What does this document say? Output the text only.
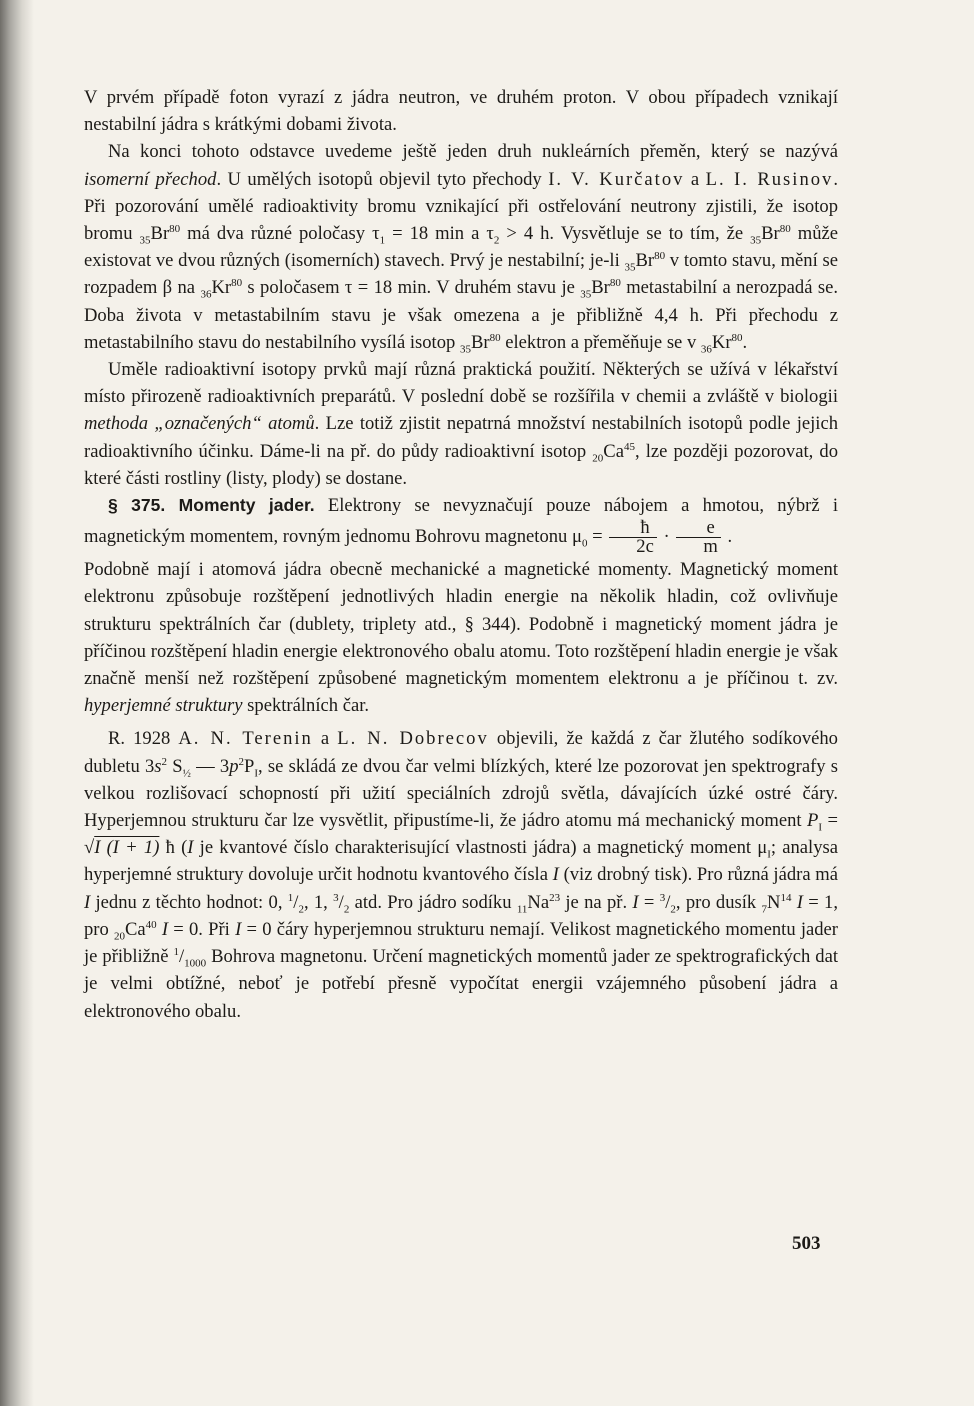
V prvém případě foton vyrazí z jádra neutron, ve druhém proton. V obou případech vznikají nestabilní jádra s krátkými dobami života.

Na konci tohoto odstavce uvedeme ještě jeden druh nukleárních přeměn, který se nazývá isomerní přechod. U umělých isotopů objevil tyto přechody I. V. Kurčatov a L. I. Rusinov. Při pozorování umělé radioaktivity bromu vznikající při ostřelování neutrony zjistili, že isotop bromu $_{35}Br^{80}$ má dva různé poločasy $\tau_1 = 18$ min a $\tau_2 > 4$ h. Vysvětluje se to tím, že $_{35}Br^{80}$ může existovat ve dvou různých (isomerních) stavech. Prvý je nestabilní; je-li $_{35}Br^{80}$ v tomto stavu, mění se rozpadem β na $_{36}Kr^{80}$ s poločasem τ = 18 min. V druhém stavu je $_{35}Br^{80}$ metastabilní a nerozpadá se. Doba života v metastabilním stavu je však omezena a je přibližně 4,4 h. Při přechodu z metastabilního stavu do nestabilního vysílá isotop $_{35}Br^{80}$ elektron a přeměňuje se v $_{36}Kr^{80}$.

Uměle radioaktivní isotopy prvků mají různá praktická použití. Některých se užívá v lékařství místo přirozeně radioaktivních preparátů. V poslední době se rozšířila v chemii a zvláště v biologii methoda „označených“ atomů. Lze totiž zjistit nepatrná množství nestabilních isotopů podle jejich radioaktivního účinku. Dáme-li na př. do půdy radioaktivní isotop $_{20}Ca^{45}$, lze později pozorovat, do které části rostliny (listy, plody) se dostane.

§ 375. Momenty jader. Elektrony se nevyznačují pouze nábojem a hmotou, nýbrž i magnetickým momentem, rovným jednomu Bohrovu magnetonu $\mu_0 = \frac{ħ}{2c} \cdot \frac{e}{m}$ .
Podobně mají i atomová jádra obecně mechanické a magnetické momenty. Magnetický moment elektronu způsobuje rozštěpení jednotlivých hladin energie na několik hladin, což ovlivňuje strukturu spektrálních čar (dublety, triplety atd., § 344). Podobně i magnetický moment jádra je příčinou rozštěpení hladin energie elektronového obalu atomu. Toto rozštěpení hladin energie je však značně menší než rozštěpení způsobené magnetickým momentem elektronu a je příčinou t. zv. hyperjemné struktury spektrálních čar.

R. 1928 A. N. Terenin a L. N. Dobrecov objevili, že každá z čar žlutého sodíkového dubletu $3s^2$ $S_{\frac{1}{2}}$ — $3p^2P_I$, se skládá ze dvou čar velmi blízkých, které lze pozorovat jen spektrografy s velkou rozlišovací schopností při užití speciálních zdrojů světla, dávajících úzké ostré čáry. Hyperjemnou strukturu čar lze vysvětlit, připustíme-li, že jádro atomu má mechanický moment $P_I = √I$ (I + 1) ħ (I je kvantové číslo charakterisující vlastnosti jádra) a magnetický moment $\mu_I$; analysa hyperjemné struktury dovoluje určit hodnotu kvantového čísla I (viz drobný tisk). Pro různá jádra má I jednu z těchto hodnot: 0, $^1/_2$, 1, $^3/_2$ atd. Pro jádro sodíku $_{11}Na^{23}$ je na př. $I = ^3/_2$, pro dusík $_7N^{14}$ I = 1, pro $_{20}Ca^{40}$ I = 0. Při I = 0 čáry hyperjemnou strukturu nemají. Velikost magnetického momentu jader je přibližně $^1/_{1000}$ Bohrova magnetonu. Určení magnetických momentů jader ze spektrografických dat je velmi obtížné, neboť je potřebí přesně vypočítat energii vzájemného působení jádra a elektronového obalu.

503
